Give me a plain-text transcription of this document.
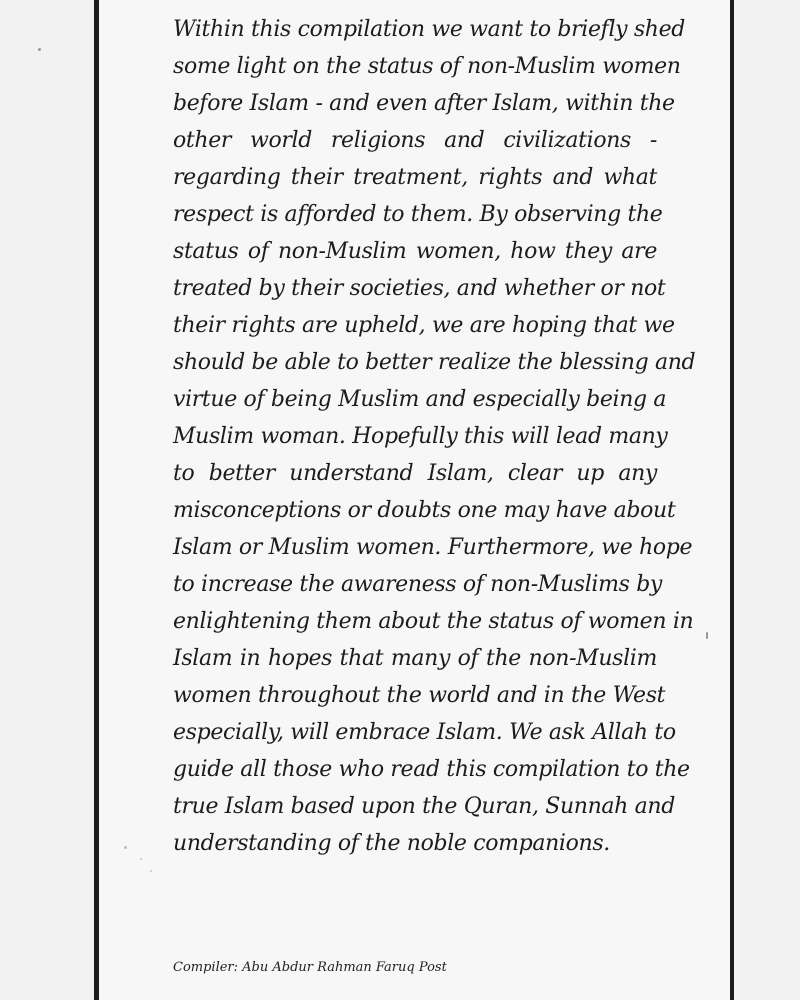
Within this compilation we want to briefly shed
some light on the status of non-Muslim women
before Islam - and even after Islam, within the
other world religions and civilizations -
regarding their treatment, rights and what
respect is afforded to them. By observing the
status of non-Muslim women, how they are
treated by their societies, and whether or not
their rights are upheld, we are hoping that we
should be able to better realize the blessing and
virtue of being Muslim and especially being a
Muslim woman. Hopefully this will lead many
to better understand Islam, clear up any
misconceptions or doubts one may have about
Islam or Muslim women. Furthermore, we hope
to increase the awareness of non-Muslims by
enlightening them about the status of women in
Islam in hopes that many of the non-Muslim
women throughout the world and in the West
especially, will embrace Islam. We ask Allah to
guide all those who read this compilation to the
true Islam based upon the Quran, Sunnah and
understanding of the noble companions.
Compiler: Abu Abdur Rahman Faruq Post
